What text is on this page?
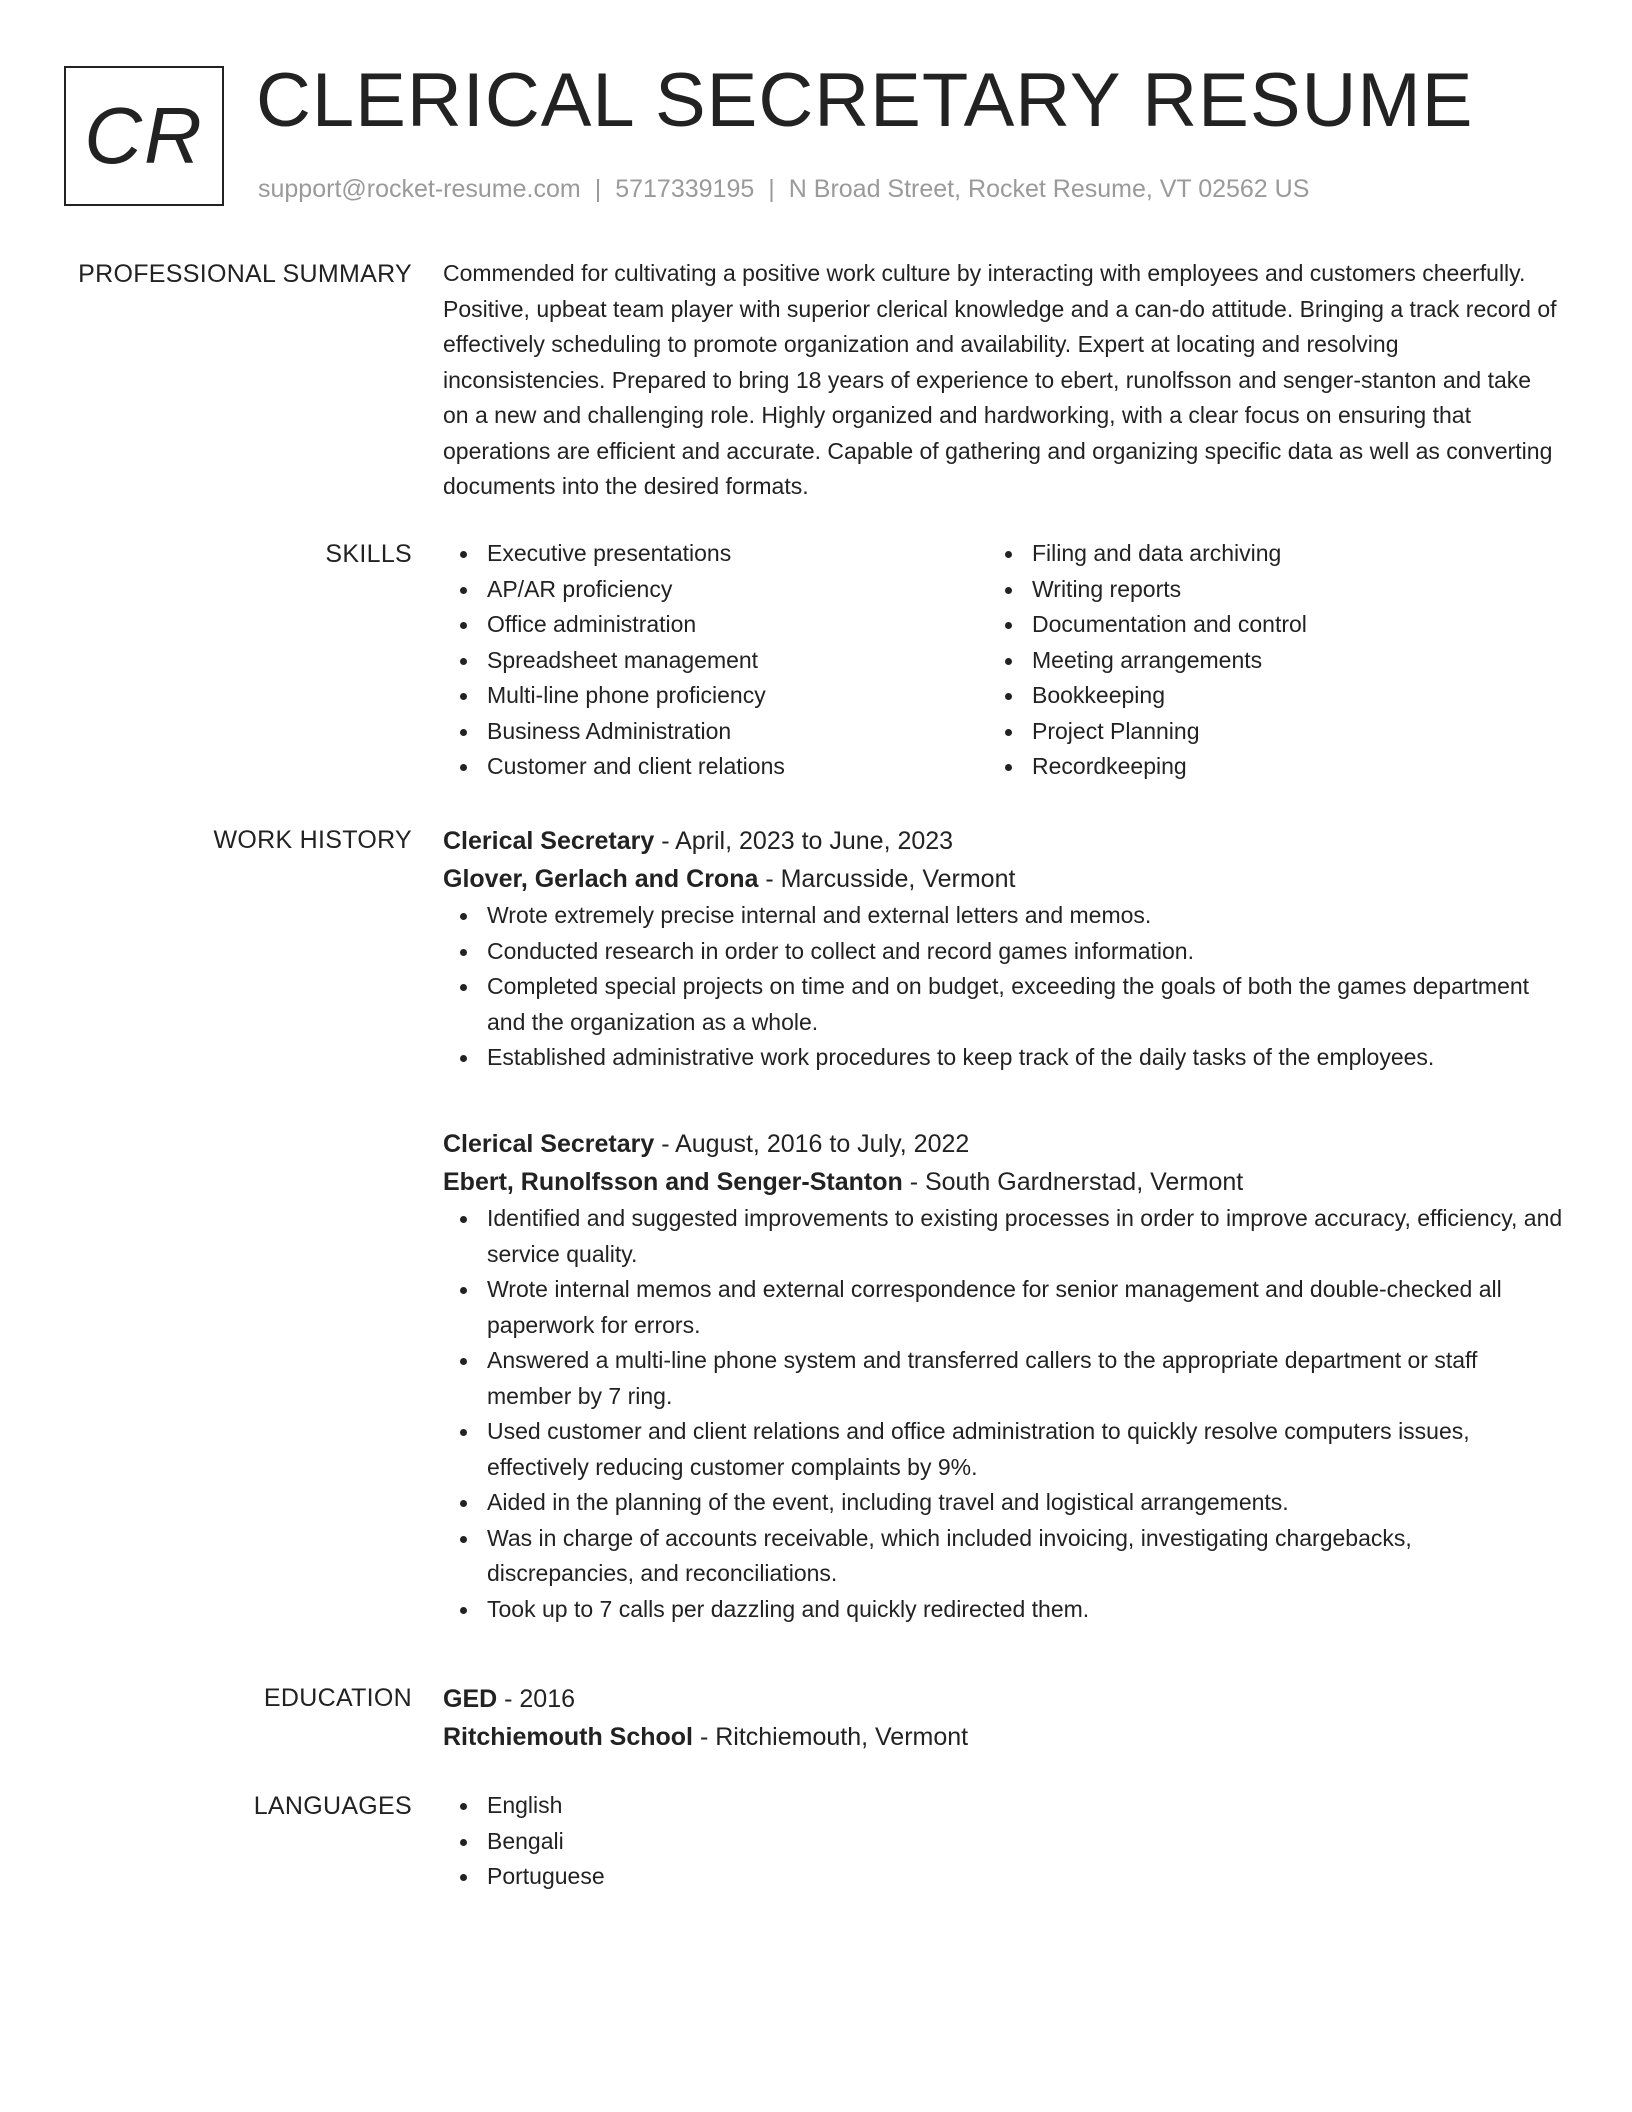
CR CLERICAL SECRETARY RESUME
support@rocket-resume.com | 5717339195 | N Broad Street, Rocket Resume, VT 02562 US
PROFESSIONAL SUMMARY Commended for cultivating a positive work culture by interacting with employees and customers cheerfully. Positive, upbeat team player with superior clerical knowledge and a can-do attitude. Bringing a track record of effectively scheduling to promote organization and availability. Expert at locating and resolving inconsistencies. Prepared to bring 18 years of experience to ebert, runolfsson and senger-stanton and take on a new and challenging role. Highly organized and hardworking, with a clear focus on ensuring that operations are efficient and accurate. Capable of gathering and organizing specific data as well as converting documents into the desired formats.

SKILLS	Executive presentations
AP/AR proficiency
Office administration
Spreadsheet management
Multi-line phone proficiency
Business Administration
Customer and client relations
Filing and data archiving
Writing reports
Documentation and control
Meeting arrangements
Bookkeeping
Project Planning
Recordkeeping
WORK HISTORY Clerical Secretary - April, 2023 to June, 2023
Glover, Gerlach and Crona - Marcusside, Vermont
Wrote extremely precise internal and external letters and memos.
Conducted research in order to collect and record games information.
Completed special projects on time and on budget, exceeding the goals of both the games department and the organization as a whole.
Established administrative work procedures to keep track of the daily tasks of the employees.
Clerical Secretary - August, 2016 to July, 2022
Ebert, Runolfsson and Senger-Stanton - South Gardnerstad, Vermont
Identified and suggested improvements to existing processes in order to improve accuracy, efficiency, and service quality.
Wrote internal memos and external correspondence for senior management and double-checked all paperwork for errors.
Answered a multi-line phone system and transferred callers to the appropriate department or staff member by 7 ring.
Used customer and client relations and office administration to quickly resolve computers issues, effectively reducing customer complaints by 9%.
Aided in the planning of the event, including travel and logistical arrangements.
Was in charge of accounts receivable, which included invoicing, investigating chargebacks, discrepancies, and reconciliations.
Took up to 7 calls per dazzling and quickly redirected them.
EDUCATION GED - 2016
Ritchiemouth School - Ritchiemouth, Vermont
LANGUAGES	English
Bengali
Portuguese
